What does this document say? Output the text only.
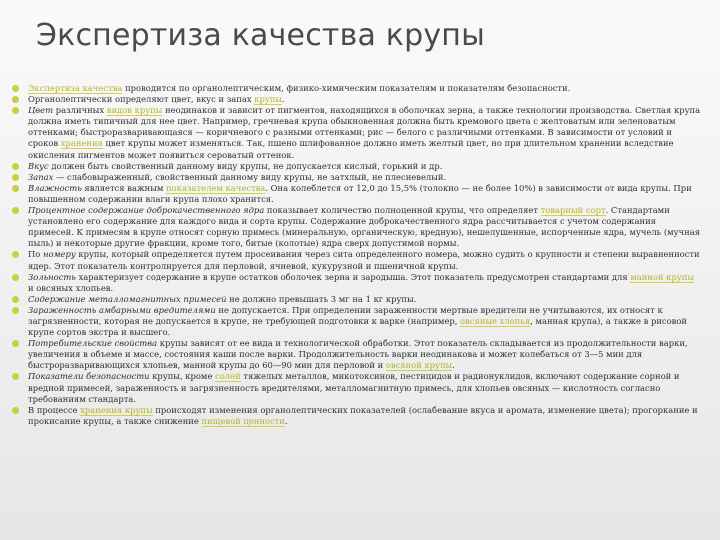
Экспертиза качества крупы
Экспертиза качества проводится по органолептическим, физико-химическим показателям и показателям безопасности.
Органолептически определяют цвет, вкус и запах крупы.
Цвет различных видов крупы неодинаков и зависит от пигментов, находящихся в оболочках зерна, а также технологии производства. Светлая крупа должна иметь типичный для нее цвет. Например, гречневая крупа обыкновенная должна быть кремового цвета с желтоватым или зеленоватым оттенками; быстроразваривающаяся — коричневого с разными оттенками; рис — белого с различными оттенками. В зависимости от условий и сроков хранения цвет крупы может изменяться. Так, пшено шлифованное должно иметь желтый цвет, но при длительном хранении вследствие окисления пигментов может появиться сероватый оттенок.
Вкус должен быть свойственный данному виду крупы, не допускается кислый, горький и др.
Запах — слабовыраженный, свойственный данному виду крупы, не затхлый, не плесневелый.
Влажность является важным показателем качества. Она колеблется от 12,0 до 15,5% (толокно — не более 10%) в зависимости от вида крупы. При повышенном содержании влаги крупа плохо хранится.
Процентное содержание доброкачественного ядра показывает количество полноценной крупы, что определяет товарный сорт. Стандартами установлено его содержание для каждого вида и сорта крупы. Содержание доброкачественного ядра рассчитывается с учетом содержания примесей. К примесям в крупе относят сорную примесь (минеральную, органическую, вредную), нешелушенные, испорченные ядра, мучель (мучная пыль) и некоторые другие фракции, кроме того, битые (колотые) ядра сверх допустимой нормы.
По номеру крупы, который определяется путем просеивания через сита определенного номера, можно судить о крупности и степени выравненности ядер. Этот показатель контролируется для перловой, ячневой, кукурузной и пшеничной крупы.
Зольность характеризует содержание в крупе остатков оболочек зерна и зародыша. Этот показатель предусмотрен стандартами для манной крупы и овсяных хлопьев.
Содержание металломагнитных примесей не должно превышать 3 мг на 1 кг крупы.
Зараженность амбарными вредителями не допускается. При определении зараженности мертвые вредители не учитываются, их относят к загрязненности, которая не допускается в крупе, не требующей подготовки к варке (например, овсяные хлопья, манная крупа), а также в рисовой крупе сортов экстра и высшего.
Потребительские свойства крупы зависят от ее вида и технологической обработки. Этот показатель складывается из продолжительности варки, увеличения в объеме и массе, состояния каши после варки. Продолжительность варки неодинакова и может колебаться от 3—5 мин для быстроразваривающихся хлопьев, манной крупы до 60—90 мин для перловой и овсяной крупы.
Показатели безопасности крупы, кроме солей тяжелых металлов, микотоксинов, пестицидов и радионуклидов, включают содержание сорной и вредной примесей, зараженность и загрязненность вредителями, металломагнитную примесь, для хлопьев овсяных — кислотность согласно требованиям стандарта.
В процессе хранения крупы происходят изменения органолептических показателей (ослабевание вкуса и аромата, изменение цвета); прогоркание и прокисание крупы, а также снижение пищевой ценности.
